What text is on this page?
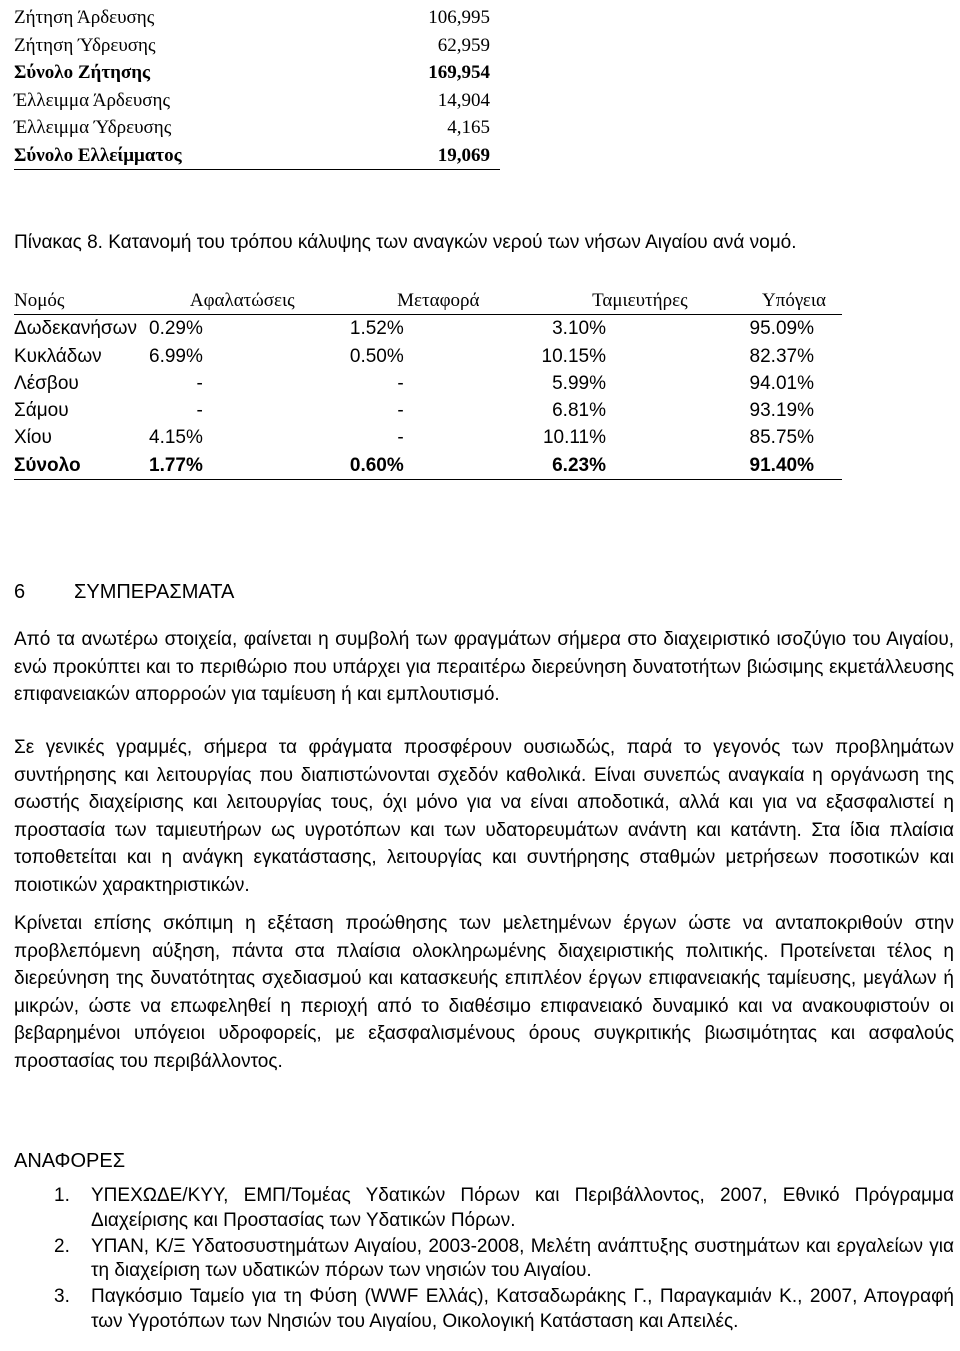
Ζήτηση Άρδευσης	106,995
Ζήτηση Ύδρευσης	62,959
Σύνολο Ζήτησης	169,954
Έλλειμμα Άρδευσης	14,904
Έλλειμμα Ύδρευσης	4,165
Σύνολο Ελλείμματος	19,069
Πίνακας 8. Κατανομή του τρόπου κάλυψης των αναγκών νερού των νήσων Αιγαίου ανά νομό.
Νομός	Αφαλατώσεις	Μεταφορά	Ταμιευτήρες	Υπόγεια
Δωδεκανήσων	0.29%	1.52%	3.10%	95.09%
Κυκλάδων	6.99%	0.50%	10.15%	82.37%
Λέσβου	-	-	5.99%	94.01%
Σάμου	-	-	6.81%	93.19%
Χίου	4.15%	-	10.11%	85.75%
Σύνολο	1.77%	0.60%	6.23%	91.40%
6 ΣΥΜΠΕΡΑΣΜΑΤΑ

Από τα ανωτέρω στοιχεία, φαίνεται η συμβολή των φραγμάτων σήμερα στο διαχειριστικό ισοζύγιο του Αιγαίου, ενώ προκύπτει και το περιθώριο που υπάρχει για περαιτέρω διερεύνηση δυνατοτήτων βιώσιμης εκμετάλλευσης επιφανειακών απορροών για ταμίευση ή και εμπλουτισμό.

Σε γενικές γραμμές, σήμερα τα φράγματα προσφέρουν ουσιωδώς, παρά το γεγονός των προβλημάτων συντήρησης και λειτουργίας που διαπιστώνονται σχεδόν καθολικά. Είναι συνεπώς αναγκαία η οργάνωση της σωστής διαχείρισης και λειτουργίας τους, όχι μόνο για να είναι αποδοτικά, αλλά και για να εξασφαλιστεί η προστασία των ταμιευτήρων ως υγροτόπων και των υδατορευμάτων ανάντη και κατάντη. Στα ίδια πλαίσια τοποθετείται και η ανάγκη εγκατάστασης, λειτουργίας και συντήρησης σταθμών μετρήσεων ποσοτικών και ποιοτικών χαρακτηριστικών.

Κρίνεται επίσης σκόπιμη η εξέταση προώθησης των μελετημένων έργων ώστε να ανταποκριθούν στην προβλεπόμενη αύξηση, πάντα στα πλαίσια ολοκληρωμένης διαχειριστικής πολιτικής. Προτείνεται τέλος η διερεύνηση της δυνατότητας σχεδιασμού και κατασκευής επιπλέον έργων επιφανειακής ταμίευσης, μεγάλων ή μικρών, ώστε να επωφεληθεί η περιοχή από το διαθέσιμο επιφανειακό δυναμικό και να ανακουφιστούν οι βεβαρημένοι υπόγειοι υδροφορείς, με εξασφαλισμένους όρους συγκριτικής βιωσιμότητας και ασφαλούς προστασίας του περιβάλλοντος.

ΑΝΑΦΟΡΕΣ
1. ΥΠΕΧΩΔΕ/ΚΥΥ, ΕΜΠ/Τομέας Υδατικών Πόρων και Περιβάλλοντος, 2007, Εθνικό Πρόγραμμα Διαχείρισης και Προστασίας των Υδατικών Πόρων.
2. ΥΠΑΝ, Κ/Ξ Υδατοσυστημάτων Αιγαίου, 2003-2008, Μελέτη ανάπτυξης συστημάτων και εργαλείων για τη διαχείριση των υδατικών πόρων των νησιών του Αιγαίου.
3. Παγκόσμιο Ταμείο για τη Φύση (WWF Ελλάς), Κατσαδωράκης Γ., Παραγκαμιάν Κ., 2007, Απογραφή των Υγροτόπων των Νησιών του Αιγαίου, Οικολογική Κατάσταση και Απειλές.
